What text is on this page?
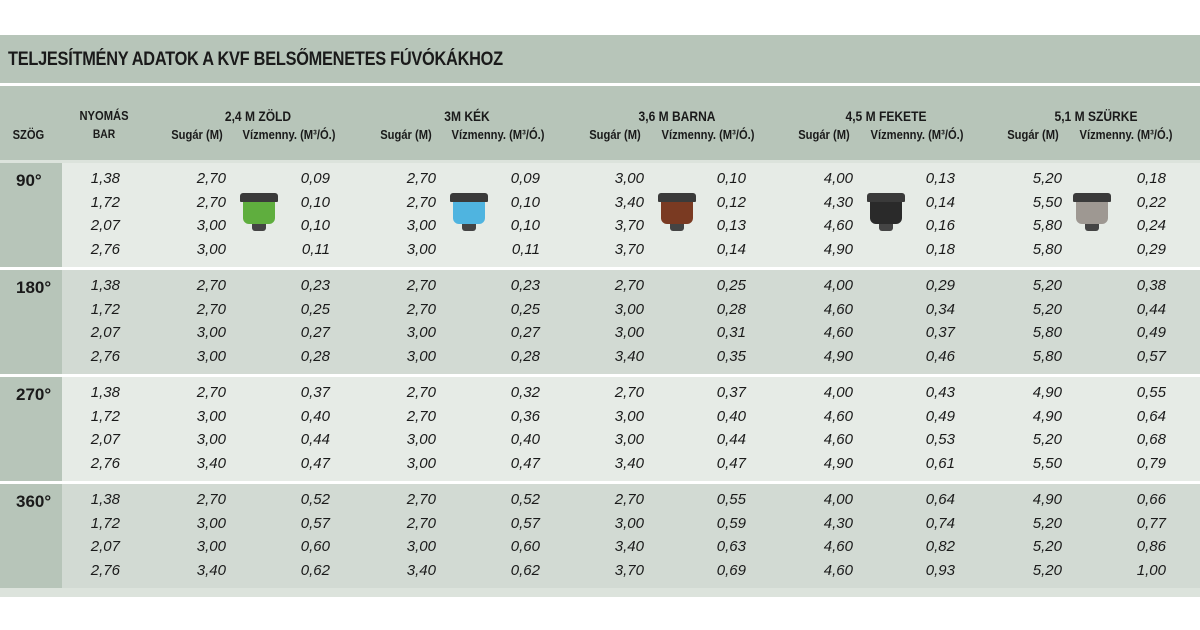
TELJESÍTMÉNY ADATOK A KVF BELSŐMENETES FÚVÓKÁKHOZ
SZÖG
NYOMÁS
BAR
2,4 M ZÖLD
Sugár (M) Vízmenny. (M³/Ó.)
3M KÉK
Sugár (M) Vízmenny. (M³/Ó.)
3,6 M BARNA
Sugár (M) Vízmenny. (M³/Ó.)
4,5 M FEKETE
Sugár (M) Vízmenny. (M³/Ó.)
5,1 M SZÜRKE
Sugár (M) Vízmenny. (M³/Ó.)
90°	1,38	2,70	0,09	2,70	0,09	3,00	0,10	4,00	0,13	5,20	0,18
1,72	2,70	0,10	2,70	0,10	3,40	0,12	4,30	0,14	5,50	0,22
2,07	3,00	0,10	3,00	0,10	3,70	0,13	4,60	0,16	5,80	0,24
2,76	3,00	0,11	3,00	0,11	3,70	0,14	4,90	0,18	5,80	0,29
180°	1,38	2,70	0,23	2,70	0,23	2,70	0,25	4,00	0,29	5,20	0,38
1,72	2,70	0,25	2,70	0,25	3,00	0,28	4,60	0,34	5,20	0,44
2,07	3,00	0,27	3,00	0,27	3,00	0,31	4,60	0,37	5,80	0,49
2,76	3,00	0,28	3,00	0,28	3,40	0,35	4,90	0,46	5,80	0,57
270°	1,38	2,70	0,37	2,70	0,32	2,70	0,37	4,00	0,43	4,90	0,55
1,72	3,00	0,40	2,70	0,36	3,00	0,40	4,60	0,49	4,90	0,64
2,07	3,00	0,44	3,00	0,40	3,00	0,44	4,60	0,53	5,20	0,68
2,76	3,40	0,47	3,00	0,47	3,40	0,47	4,90	0,61	5,50	0,79
360°	1,38	2,70	0,52	2,70	0,52	2,70	0,55	4,00	0,64	4,90	0,66
1,72	3,00	0,57	2,70	0,57	3,00	0,59	4,30	0,74	5,20	0,77
2,07	3,00	0,60	3,00	0,60	3,40	0,63	4,60	0,82	5,20	0,86
2,76	3,40	0,62	3,40	0,62	3,70	0,69	4,60	0,93	5,20	1,00
